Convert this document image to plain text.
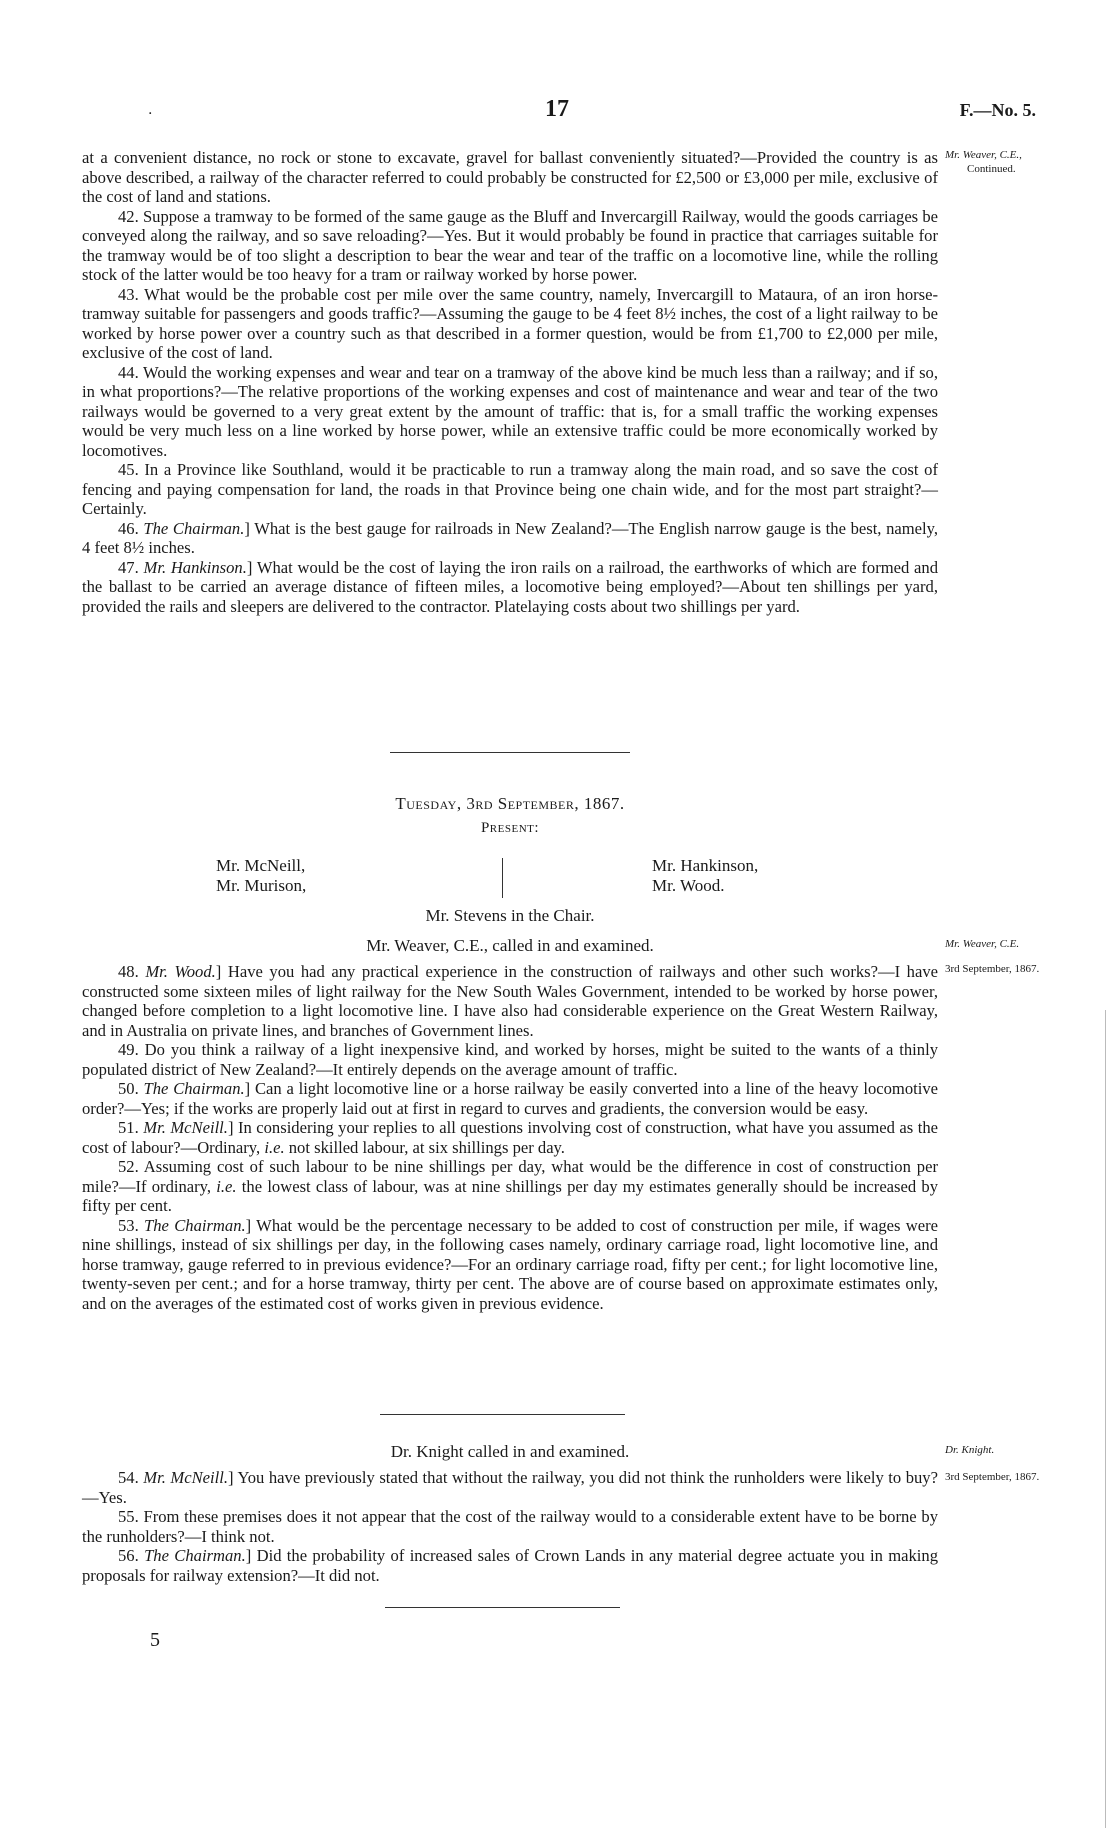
.	17	F.—No. 5.
Mr. Weaver, C.E.,
Continued.
Mr. Weaver, C.E.
3rd September, 1867.
Dr. Knight.
3rd September, 1867.

at a convenient distance, no rock or stone to excavate, gravel for ballast conveniently situated?—Provided the country is as above described, a railway of the character referred to could probably be constructed for £2,500 or £3,000 per mile, exclusive of the cost of land and stations.

42. Suppose a tramway to be formed of the same gauge as the Bluff and Invercargill Railway, would the goods carriages be conveyed along the railway, and so save reloading?—Yes. But it would probably be found in practice that carriages suitable for the tramway would be of too slight a description to bear the wear and tear of the traffic on a locomotive line, while the rolling stock of the latter would be too heavy for a tram or railway worked by horse power.

43. What would be the probable cost per mile over the same country, namely, Invercargill to Mataura, of an iron horse-tramway suitable for passengers and goods traffic?—Assuming the gauge to be 4 feet 8½ inches, the cost of a light railway to be worked by horse power over a country such as that described in a former question, would be from £1,700 to £2,000 per mile, exclusive of the cost of land.

44. Would the working expenses and wear and tear on a tramway of the above kind be much less than a railway; and if so, in what proportions?—The relative proportions of the working expenses and cost of maintenance and wear and tear of the two railways would be governed to a very great extent by the amount of traffic: that is, for a small traffic the working expenses would be very much less on a line worked by horse power, while an extensive traffic could be more economically worked by locomotives.

45. In a Province like Southland, would it be practicable to run a tramway along the main road, and so save the cost of fencing and paying compensation for land, the roads in that Province being one chain wide, and for the most part straight?—Certainly.

46. The Chairman.] What is the best gauge for railroads in New Zealand?—The English narrow gauge is the best, namely, 4 feet 8½ inches.

47. Mr. Hankinson.] What would be the cost of laying the iron rails on a railroad, the earthworks of which are formed and the ballast to be carried an average distance of fifteen miles, a locomotive being employed?—About ten shillings per yard, provided the rails and sleepers are delivered to the contractor. Platelaying costs about two shillings per yard.

Tuesday, 3rd September, 1867.
Present:
Mr. McNeill,
Mr. Murison,
Mr. Hankinson,
Mr. Wood.
Mr. Stevens in the Chair.
Mr. Weaver, C.E., called in and examined.

48. Mr. Wood.] Have you had any practical experience in the construction of railways and other such works?—I have constructed some sixteen miles of light railway for the New South Wales Government, intended to be worked by horse power, changed before completion to a light locomotive line. I have also had considerable experience on the Great Western Railway, and in Australia on private lines, and branches of Government lines.

49. Do you think a railway of a light inexpensive kind, and worked by horses, might be suited to the wants of a thinly populated district of New Zealand?—It entirely depends on the average amount of traffic.

50. The Chairman.] Can a light locomotive line or a horse railway be easily converted into a line of the heavy locomotive order?—Yes; if the works are properly laid out at first in regard to curves and gradients, the conversion would be easy.

51. Mr. McNeill.] In considering your replies to all questions involving cost of construction, what have you assumed as the cost of labour?—Ordinary, i.e. not skilled labour, at six shillings per day.

52. Assuming cost of such labour to be nine shillings per day, what would be the difference in cost of construction per mile?—If ordinary, i.e. the lowest class of labour, was at nine shillings per day my estimates generally should be increased by fifty per cent.

53. The Chairman.] What would be the percentage necessary to be added to cost of construction per mile, if wages were nine shillings, instead of six shillings per day, in the following cases namely, ordinary carriage road, light locomotive line, and horse tramway, gauge referred to in previous evidence?—For an ordinary carriage road, fifty per cent.; for light locomotive line, twenty-seven per cent.; and for a horse tramway, thirty per cent. The above are of course based on approximate estimates only, and on the averages of the estimated cost of works given in previous evidence.

Dr. Knight called in and examined.

54. Mr. McNeill.] You have previously stated that without the railway, you did not think the runholders were likely to buy?—Yes.

55. From these premises does it not appear that the cost of the railway would to a considerable extent have to be borne by the runholders?—I think not.

56. The Chairman.] Did the probability of increased sales of Crown Lands in any material degree actuate you in making proposals for railway extension?—It did not.

5
